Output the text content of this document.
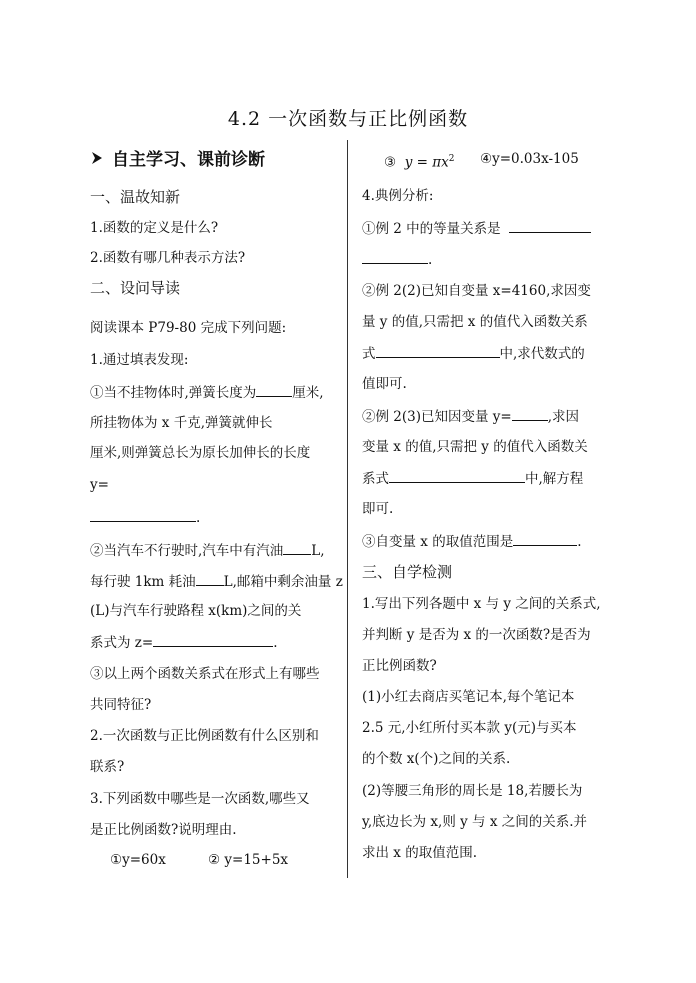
4.2 一次函数与正比例函数
自主学习、课前诊断
一、温故知新
1.函数的定义是什么?
2.函数有哪几种表示方法?
二、设问导读
阅读课本 P79-80 完成下列问题:
1.通过填表发现:
①当不挂物体时,弹簧长度为	厘米,
所挂物体为 x 千克,弹簧就伸长
厘米,则弹簧总长为原长加伸长的长度
y=
.
②当汽车不行驶时,汽车中有汽油 L,
每行驶 1km 耗油 L,邮箱中剩余油量 z
(L)与汽车行驶路程 x(km)之间的关
系式为 z=	.
③以上两个函数关系式在形式上有哪些
共同特征?
2.一次函数与正比例函数有什么区别和
联系?
3.下列函数中哪些是一次函数,哪些又
是正比例函数?说明理由.
①y=60x	② y=15+5x
③ $y = \pi x^2$ ④y=0.03x-105
4.典例分析:
①例 2 中的等量关系是
.
②例 2(2)已知自变量 x=4160,求因变
量 y 的值,只需把 x 的值代入函数关系
式	中,求代数式的
值即可.
②例 2(3)已知因变量 y=	,求因
变量 x 的值,只需把 y 的值代入函数关
系式	中,解方程
即可.
③自变量 x 的取值范围是	.
三、自学检测
1.写出下列各题中 x 与 y 之间的关系式,
并判断 y 是否为 x 的一次函数?是否为
正比例函数?
(1)小红去商店买笔记本,每个笔记本
2.5 元,小红所付买本款 y(元)与买本
的个数 x(个)之间的关系.
(2)等腰三角形的周长是 18,若腰长为
y,底边长为 x,则 y 与 x 之间的关系.并
求出 x 的取值范围.
